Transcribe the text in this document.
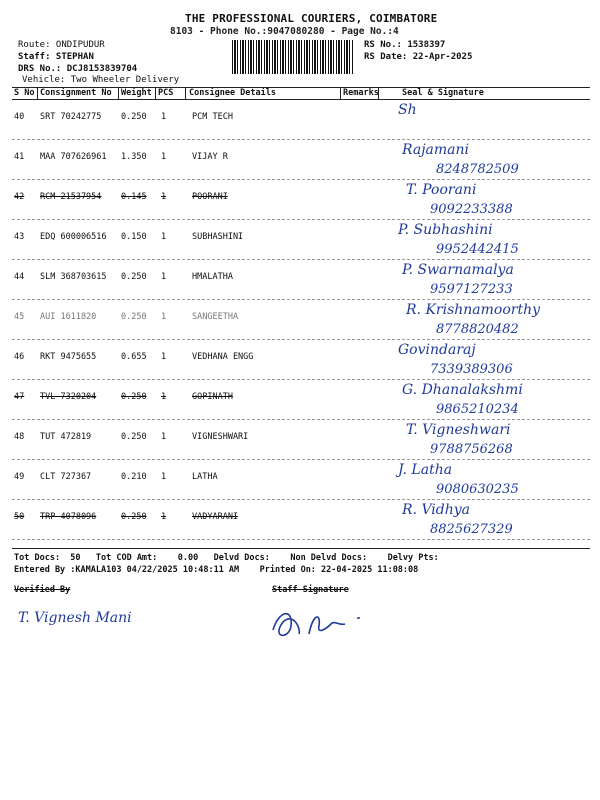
THE PROFESSIONAL COURIERS, COIMBATORE
8103 - Phone No.:9047080280 - Page No.:4
Route: ONDIPUDUR
Staff: STEPHAN
DRS No.: DCJ8153839704
Vehicle: Two Wheeler Delivery
RS No.: 1538397
RS Date: 22-Apr-2025
S No Consignment No Weight PCS Consignee Details	Remarks	Seal & Signature
40 SRT 70242775 0.250 1	PCM TECH	Sh
41 MAA 707626961 1.350 1	VIJAY R	Rajamani
8248782509
42 RCM 21537954 0.145 1	POORANI	T. Poorani
9092233388
43 EDQ 600006516 0.150 1	SUBHASHINI	P. Subhashini
9952442415
44 SLM 368703615 0.250 1	HMALATHA	P. Swarnamalya
9597127233
45 AUI 1611820	0.250 1	SANGEETHA	R. Krishnamoorthy
8778820482
46 RKT 9475655	0.655 1	VEDHANA ENGG	Govindaraj
7339389306
47 TVL 7320204	0.250 1	GOPINATH	G. Dhanalakshmi
9865210234
48 TUT 472819	0.250 1	VIGNESHWARI	T. Vigneshwari
9788756268
49 CLT 727367	0.210 1	LATHA	J. Latha
9080630235
50 TRP 4078096	0.250 1	VADYARANI	R. Vidhya
8825627329
Tot Docs:  50   Tot COD Amt:    0.00   Delvd Docs:    Non Delvd Docs:    Delvy Pts:
Entered By :KAMALA103 04/22/2025 10:48:11 AM    Printed On: 22-04-2025 11:08:08
Verified By	Staff Signature
T. Vignesh Mani
